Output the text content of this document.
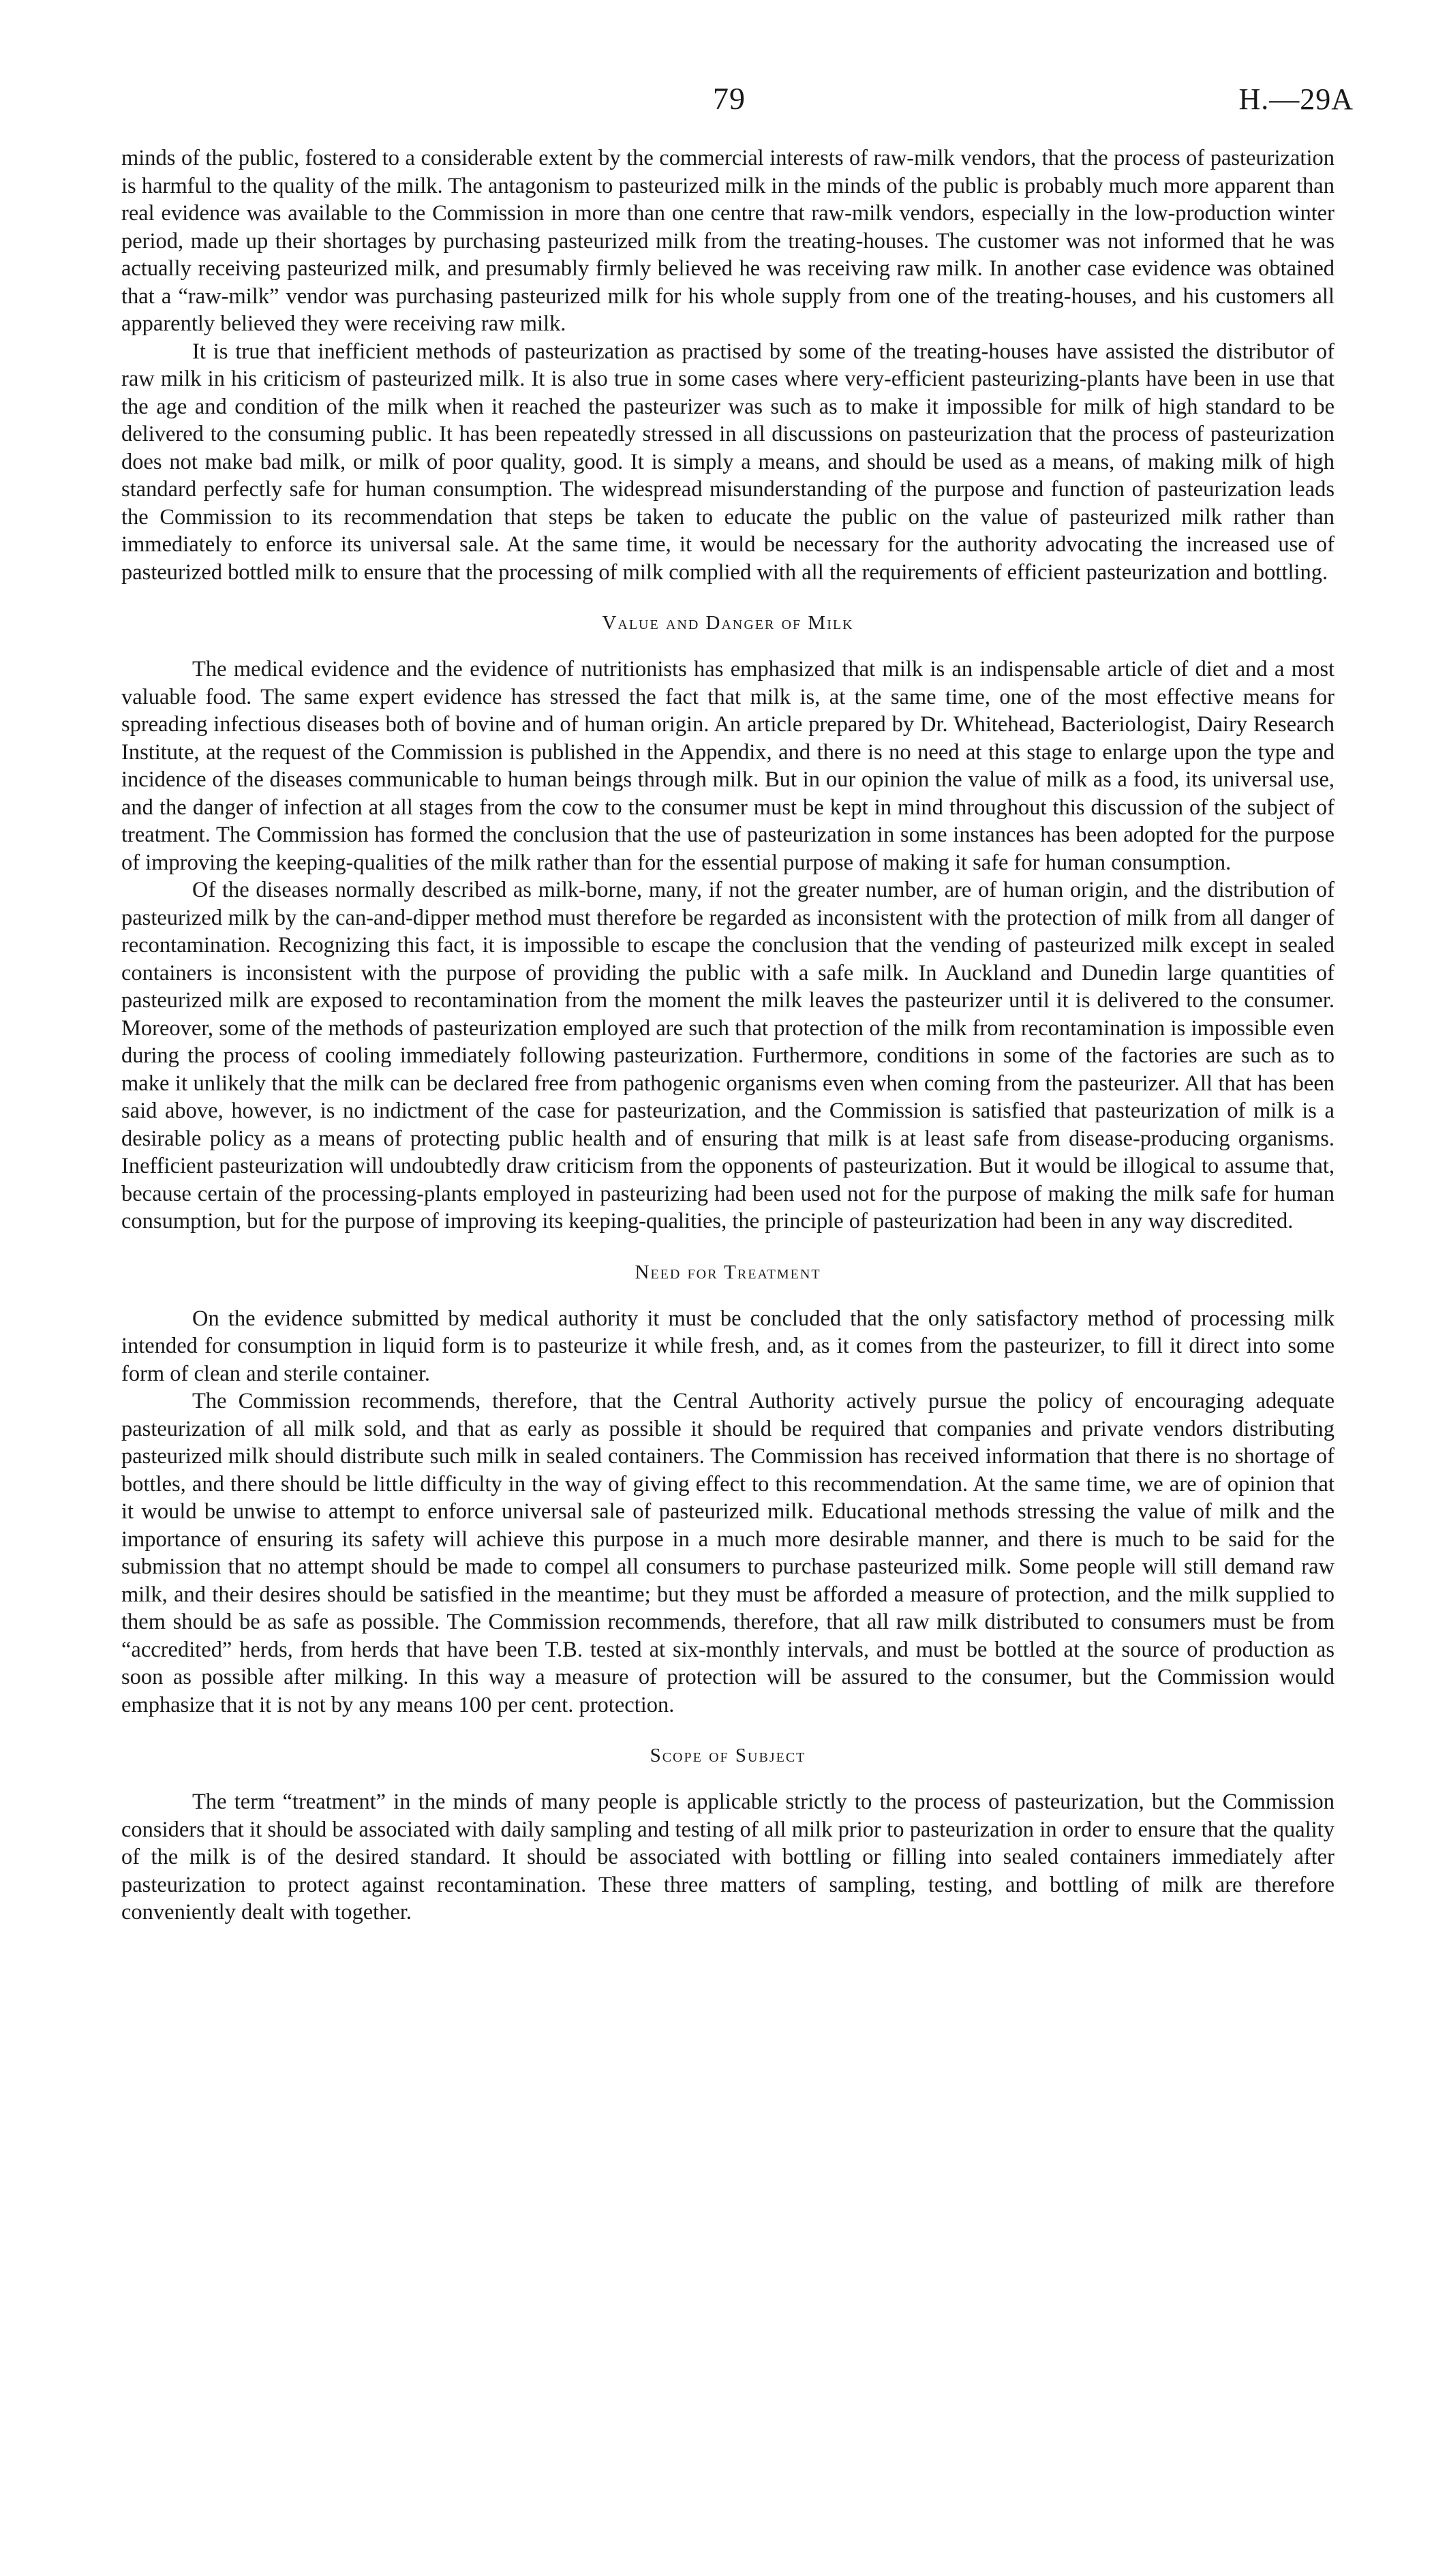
79	H.—29A

minds of the public, fostered to a considerable extent by the commercial interests of raw-milk vendors, that the process of pasteurization is harmful to the quality of the milk. The antagonism to pasteurized milk in the minds of the public is probably much more apparent than real evidence was available to the Commission in more than one centre that raw-milk vendors, especially in the low-production winter period, made up their shortages by purchasing pasteurized milk from the treating-houses. The customer was not informed that he was actually receiving pasteurized milk, and presumably firmly believed he was receiving raw milk. In another case evidence was obtained that a “raw-milk” vendor was purchasing pasteurized milk for his whole supply from one of the treating-houses, and his customers all apparently believed they were receiving raw milk.

It is true that inefficient methods of pasteurization as practised by some of the treating-houses have assisted the distributor of raw milk in his criticism of pasteurized milk. It is also true in some cases where very-efficient pasteurizing-plants have been in use that the age and condition of the milk when it reached the pasteurizer was such as to make it impossible for milk of high standard to be delivered to the consuming public. It has been repeatedly stressed in all discussions on pasteurization that the process of pasteurization does not make bad milk, or milk of poor quality, good. It is simply a means, and should be used as a means, of making milk of high standard perfectly safe for human consumption. The widespread misunderstanding of the purpose and function of pasteurization leads the Commission to its recommendation that steps be taken to educate the public on the value of pasteurized milk rather than immediately to enforce its universal sale. At the same time, it would be necessary for the authority advocating the increased use of pasteurized bottled milk to ensure that the processing of milk complied with all the requirements of efficient pasteurization and bottling.

Value and Danger of Milk

The medical evidence and the evidence of nutritionists has emphasized that milk is an indispensable article of diet and a most valuable food. The same expert evidence has stressed the fact that milk is, at the same time, one of the most effective means for spreading infectious diseases both of bovine and of human origin. An article prepared by Dr. Whitehead, Bacteriologist, Dairy Research Institute, at the request of the Commission is published in the Appendix, and there is no need at this stage to enlarge upon the type and incidence of the diseases communicable to human beings through milk. But in our opinion the value of milk as a food, its universal use, and the danger of infection at all stages from the cow to the consumer must be kept in mind throughout this discussion of the subject of treatment. The Commission has formed the conclusion that the use of pasteurization in some instances has been adopted for the purpose of improving the keeping-qualities of the milk rather than for the essential purpose of making it safe for human consumption.

Of the diseases normally described as milk-borne, many, if not the greater number, are of human origin, and the distribution of pasteurized milk by the can-and-dipper method must therefore be regarded as inconsistent with the protection of milk from all danger of recontamination. Recognizing this fact, it is impossible to escape the conclusion that the vending of pasteurized milk except in sealed containers is inconsistent with the purpose of providing the public with a safe milk. In Auckland and Dunedin large quantities of pasteurized milk are exposed to recontamination from the moment the milk leaves the pasteurizer until it is delivered to the consumer. Moreover, some of the methods of pasteurization employed are such that protection of the milk from recontamination is impossible even during the process of cooling immediately following pasteurization. Furthermore, conditions in some of the factories are such as to make it unlikely that the milk can be declared free from pathogenic organisms even when coming from the pasteurizer. All that has been said above, however, is no indictment of the case for pasteurization, and the Commission is satisfied that pasteurization of milk is a desirable policy as a means of protecting public health and of ensuring that milk is at least safe from disease-producing organisms. Inefficient pasteurization will undoubtedly draw criticism from the opponents of pasteurization. But it would be illogical to assume that, because certain of the processing-plants employed in pasteurizing had been used not for the purpose of making the milk safe for human consumption, but for the purpose of improving its keeping-qualities, the principle of pasteurization had been in any way discredited.

Need for Treatment

On the evidence submitted by medical authority it must be concluded that the only satisfactory method of processing milk intended for consumption in liquid form is to pasteurize it while fresh, and, as it comes from the pasteurizer, to fill it direct into some form of clean and sterile container.

The Commission recommends, therefore, that the Central Authority actively pursue the policy of encouraging adequate pasteurization of all milk sold, and that as early as possible it should be required that companies and private vendors distributing pasteurized milk should distribute such milk in sealed containers. The Commission has received information that there is no shortage of bottles, and there should be little difficulty in the way of giving effect to this recommendation. At the same time, we are of opinion that it would be unwise to attempt to enforce universal sale of pasteurized milk. Educational methods stressing the value of milk and the importance of ensuring its safety will achieve this purpose in a much more desirable manner, and there is much to be said for the submission that no attempt should be made to compel all consumers to purchase pasteurized milk. Some people will still demand raw milk, and their desires should be satisfied in the meantime; but they must be afforded a measure of protection, and the milk supplied to them should be as safe as possible. The Commission recommends, therefore, that all raw milk distributed to consumers must be from “accredited” herds, from herds that have been T.B. tested at six-monthly intervals, and must be bottled at the source of production as soon as possible after milking. In this way a measure of protection will be assured to the consumer, but the Commission would emphasize that it is not by any means 100 per cent. protection.

Scope of Subject

The term “treatment” in the minds of many people is applicable strictly to the process of pasteurization, but the Commission considers that it should be associated with daily sampling and testing of all milk prior to pasteurization in order to ensure that the quality of the milk is of the desired standard. It should be associated with bottling or filling into sealed containers immediately after pasteurization to protect against recontamination. These three matters of sampling, testing, and bottling of milk are therefore conveniently dealt with together.
